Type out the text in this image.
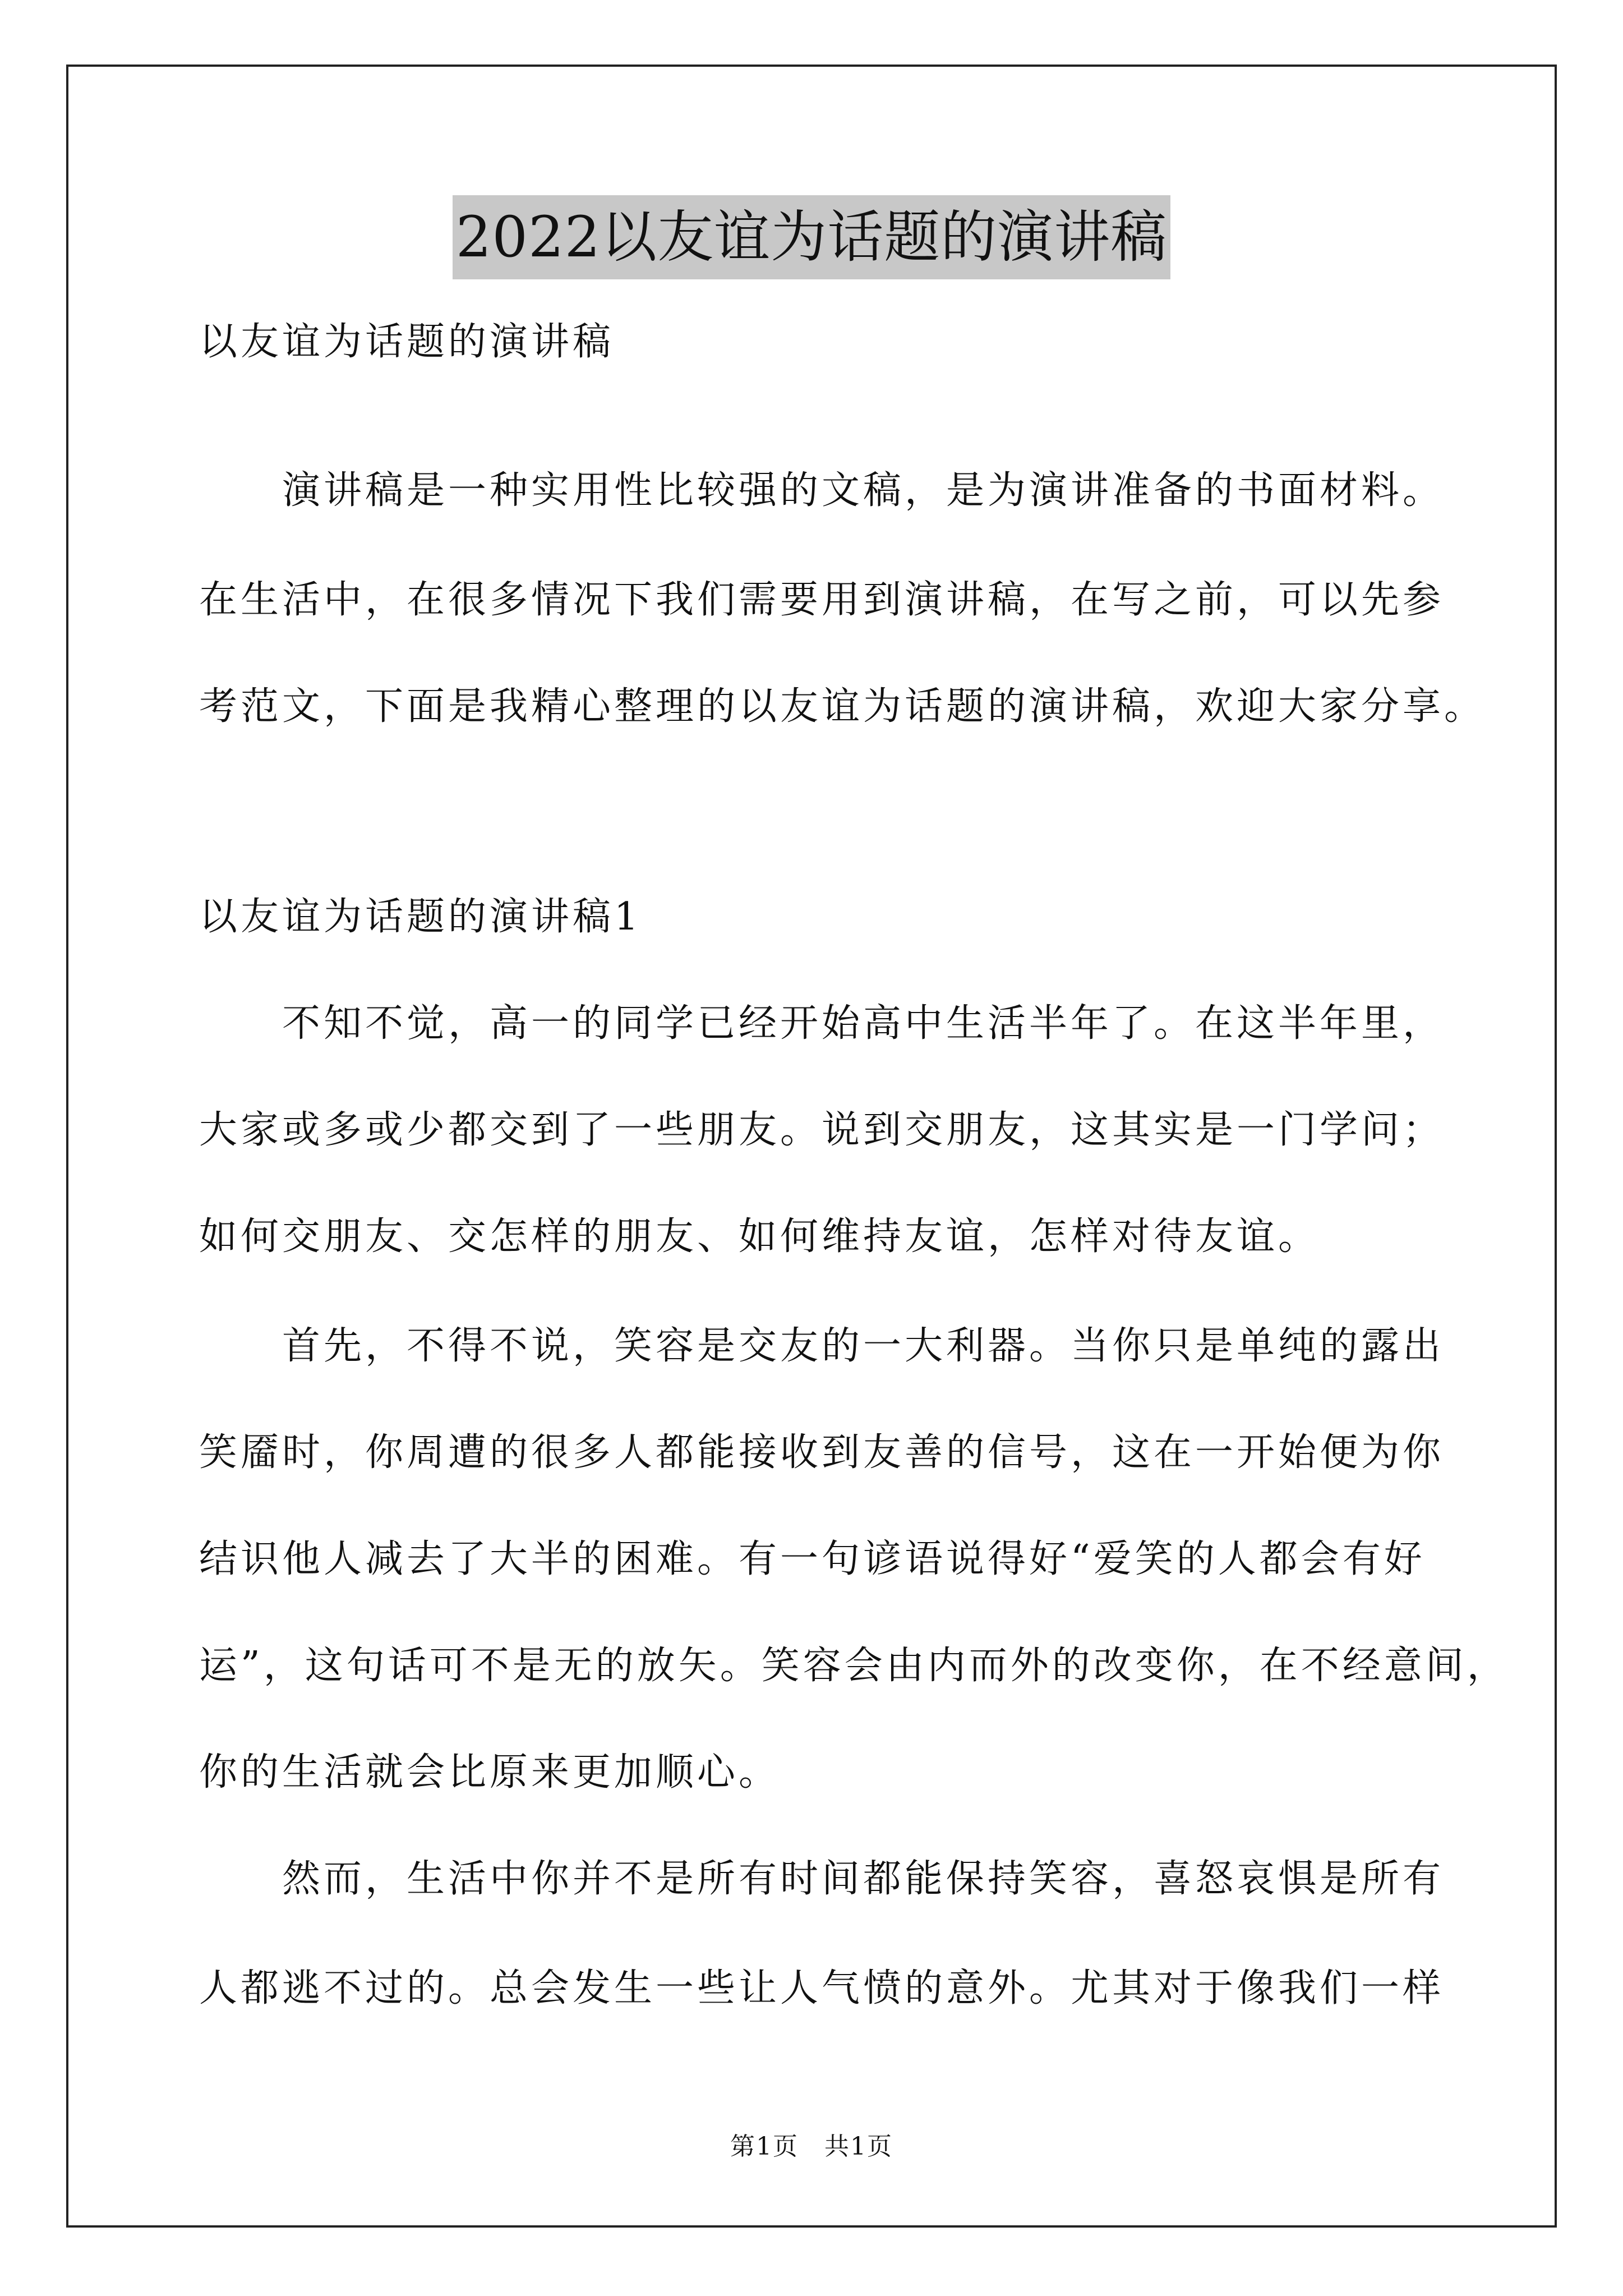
2022以友谊为话题的演讲稿

以友谊为话题的演讲稿

演讲稿是一种实用性比较强的文稿，是为演讲准备的书面材料。

在生活中，在很多情况下我们需要用到演讲稿，在写之前，可以先参

考范文，下面是我精心整理的以友谊为话题的演讲稿，欢迎大家分享。

以友谊为话题的演讲稿1

不知不觉，高一的同学已经开始高中生活半年了。在这半年里，

大家或多或少都交到了一些朋友。说到交朋友，这其实是一门学问；

如何交朋友、交怎样的朋友、如何维持友谊，怎样对待友谊。

首先，不得不说，笑容是交友的一大利器。当你只是单纯的露出

笑靥时，你周遭的很多人都能接收到友善的信号，这在一开始便为你

结识他人减去了大半的困难。有一句谚语说得好“爱笑的人都会有好

运”，这句话可不是无的放矢。笑容会由内而外的改变你，在不经意间，

你的生活就会比原来更加顺心。

然而，生活中你并不是所有时间都能保持笑容，喜怒哀惧是所有

人都逃不过的。总会发生一些让人气愤的意外。尤其对于像我们一样

第1页　共1页
